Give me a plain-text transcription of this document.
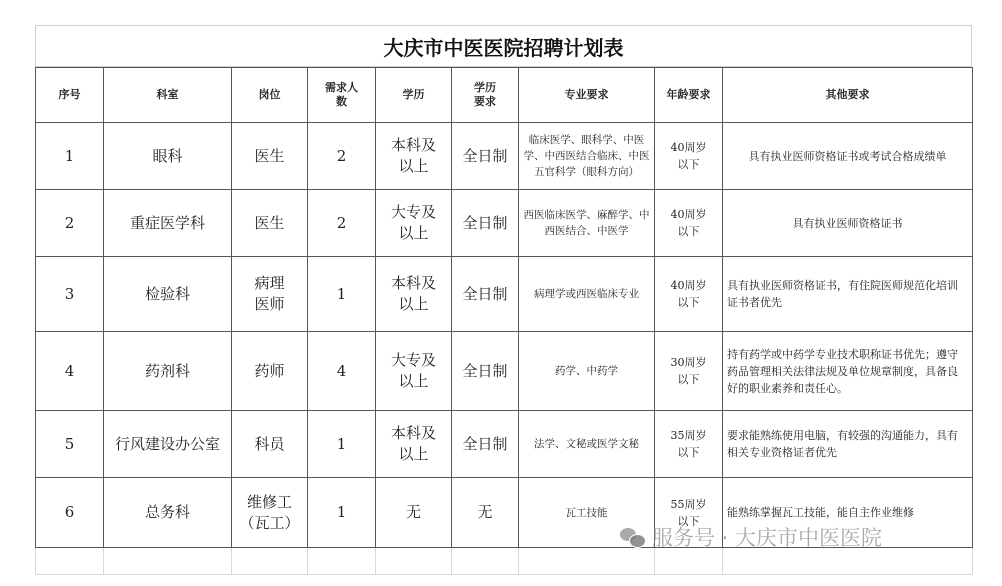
大庆市中医医院招聘计划表
序号	科室	岗位	需求人数	学历	学历要求	专业要求	年龄要求	其他要求
1	眼科	医生	2	本科及以上	全日制	临床医学、眼科学、中医学、中西医结合临床、中医五官科学（眼科方向）	40周岁以下	具有执业医师资格证书或考试合格成绩单
2	重症医学科	医生	2	大专及以上	全日制	西医临床医学、麻醉学、中西医结合、中医学	40周岁以下	具有执业医师资格证书
3	检验科	病理医师	1	本科及以上	全日制	病理学或西医临床专业	40周岁以下	具有执业医师资格证书，有住院医师规范化培训证书者优先
4	药剂科	药师	4	大专及以上	全日制	药学、中药学	30周岁以下	持有药学或中药学专业技术职称证书优先；遵守药品管理相关法律法规及单位规章制度，具备良好的职业素养和责任心。
5	行风建设办公室	科员	1	本科及以上	全日制	法学、文秘或医学文秘	35周岁以下	要求能熟练使用电脑，有较强的沟通能力，具有相关专业资格证者优先
6	总务科	维修工（瓦工）	1	无	无	瓦工技能	55周岁以下	能熟练掌握瓦工技能，能自主作业维修

服务号 · 大庆市中医医院
